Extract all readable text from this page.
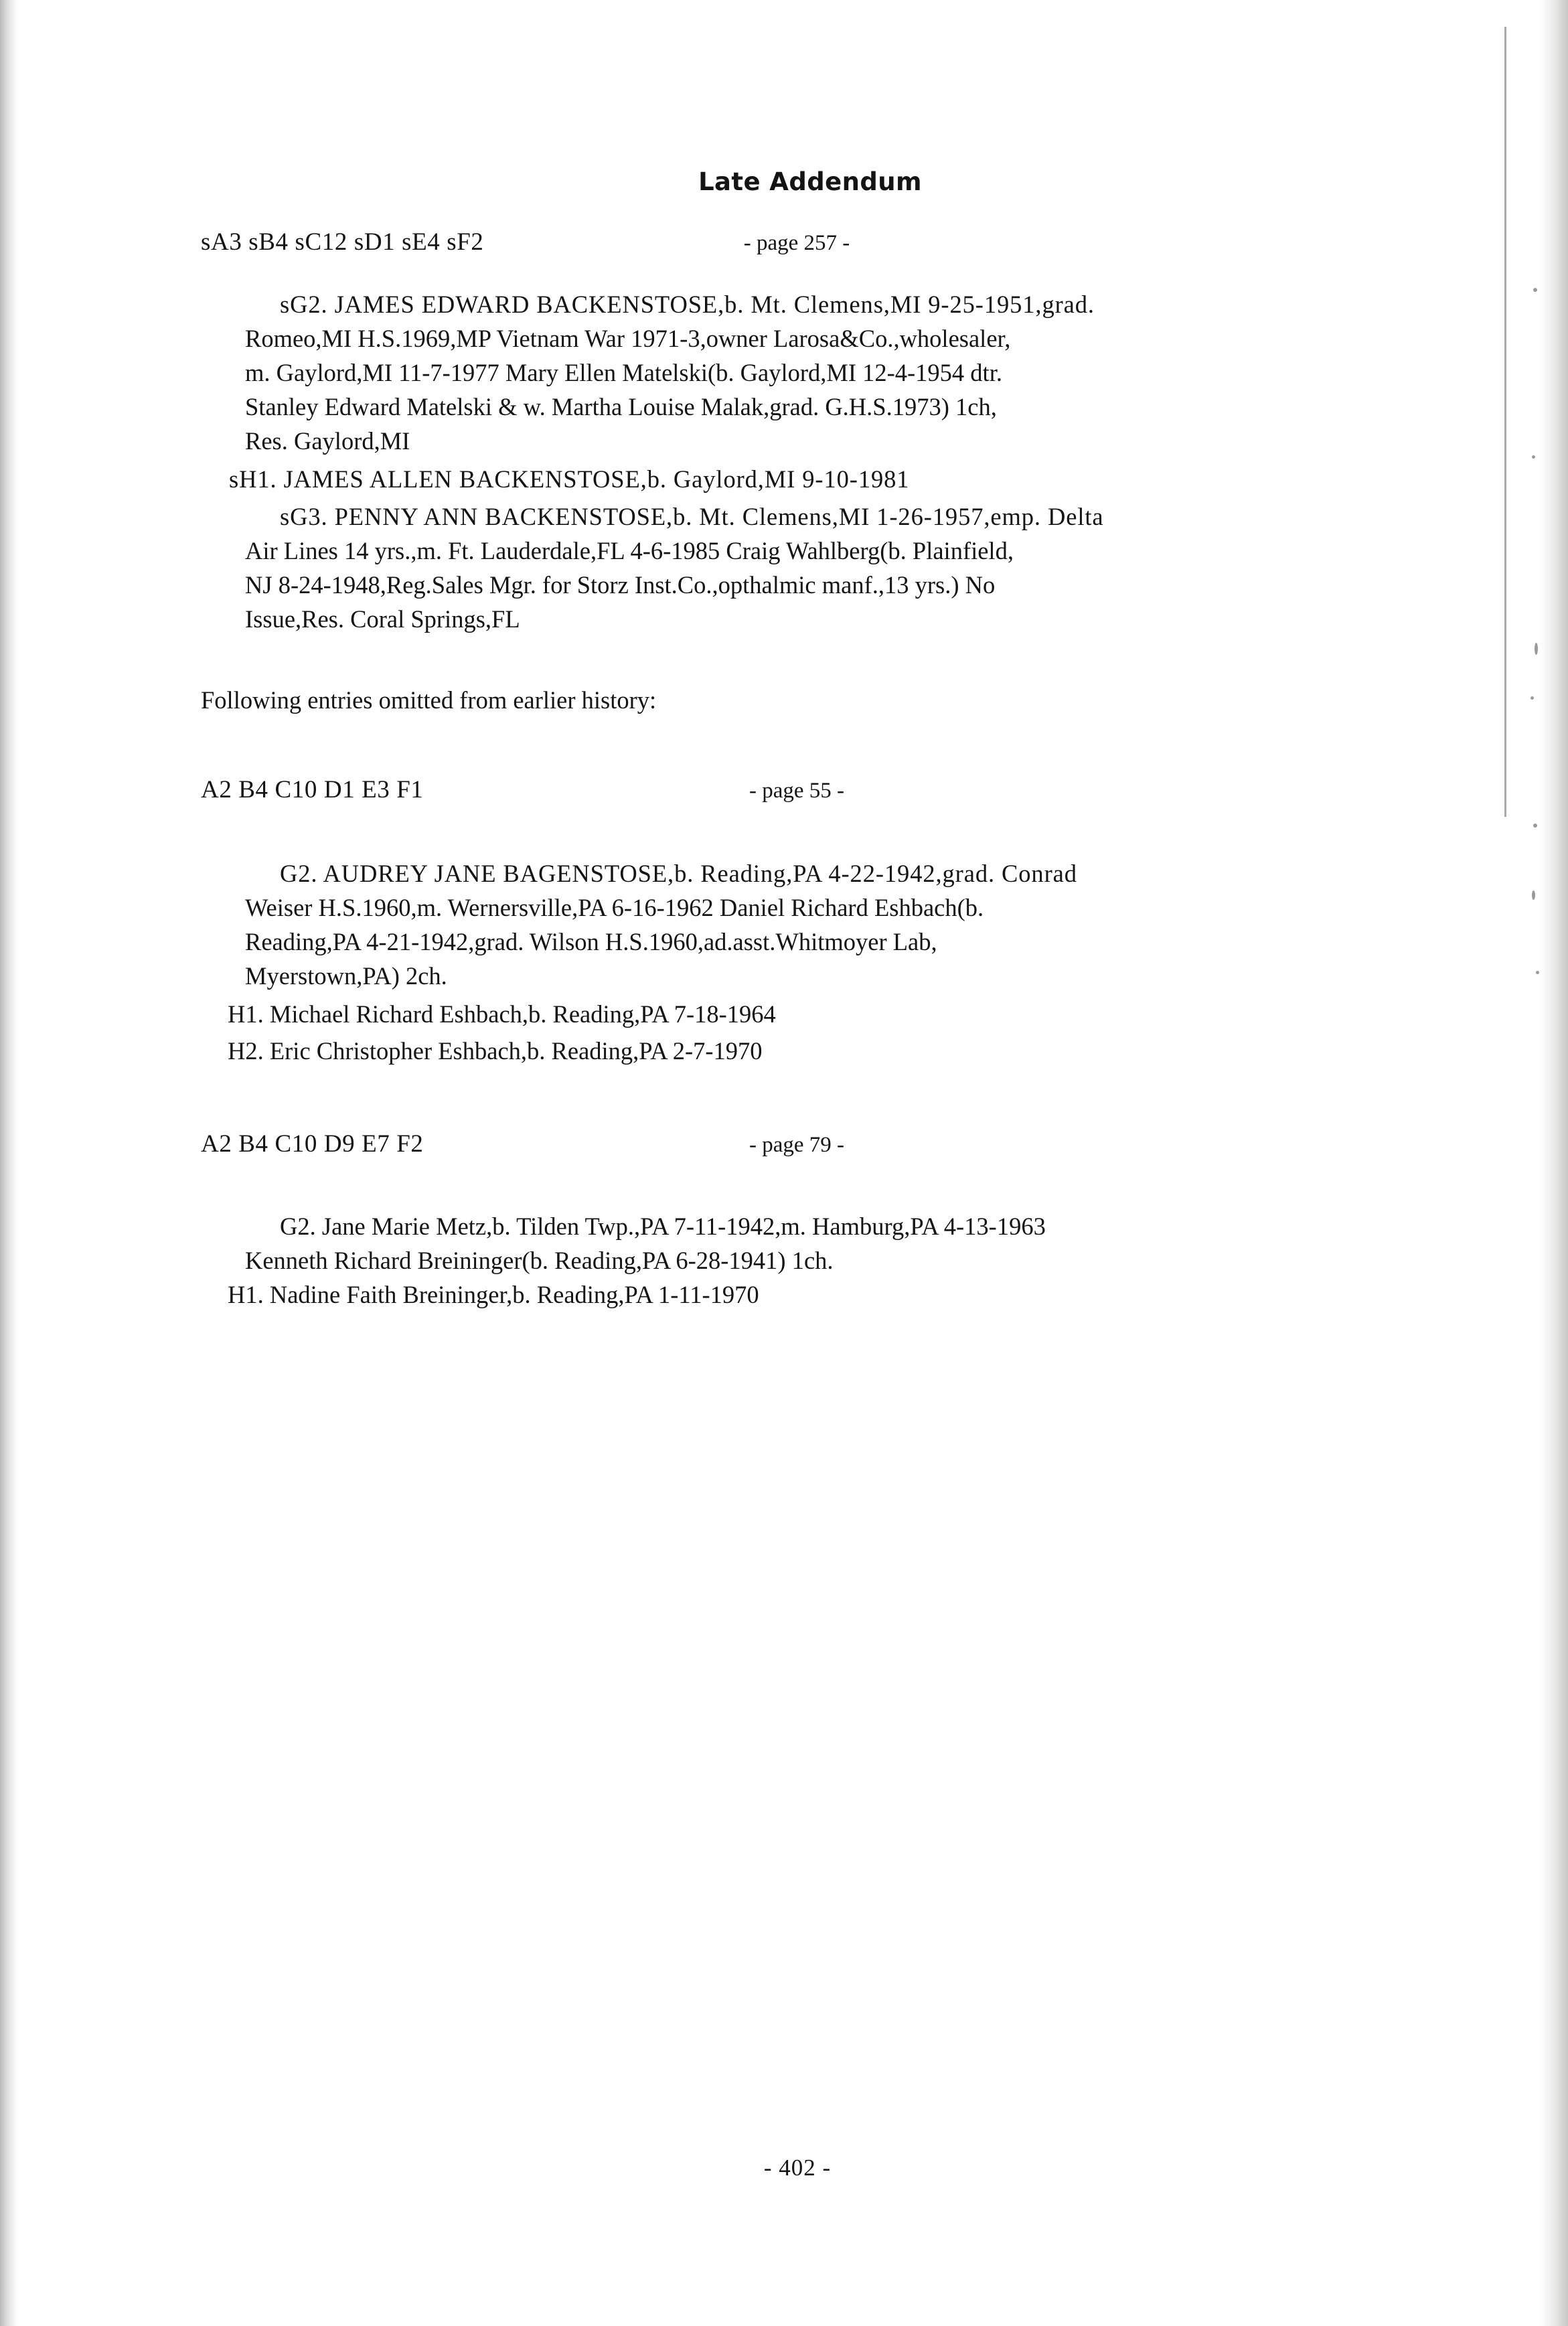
Late Addendum
- page 257 -
sA3 sB4 sC12 sD1 sE4 sF2

sG2. JAMES EDWARD BACKENSTOSE,b. Mt. Clemens,MI 9-25-1951,grad.

Romeo,MI H.S.1969,MP Vietnam War 1971-3,owner Larosa&Co.,wholesaler,

m. Gaylord,MI 11-7-1977 Mary Ellen Matelski(b. Gaylord,MI 12-4-1954 dtr.

Stanley Edward Matelski & w. Martha Louise Malak,grad. G.H.S.1973) 1ch,

Res. Gaylord,MI

sH1. JAMES ALLEN BACKENSTOSE,b. Gaylord,MI 9-10-1981

sG3. PENNY ANN BACKENSTOSE,b. Mt. Clemens,MI 1-26-1957,emp. Delta

Air Lines 14 yrs.,m. Ft. Lauderdale,FL 4-6-1985 Craig Wahlberg(b. Plainfield,

NJ 8-24-1948,Reg.Sales Mgr. for Storz Inst.Co.,opthalmic manf.,13 yrs.) No

Issue,Res. Coral Springs,FL

Following entries omitted from earlier history:
- page 55 -
A2 B4 C10 D1 E3 F1

G2. AUDREY JANE BAGENSTOSE,b. Reading,PA 4-22-1942,grad. Conrad

Weiser H.S.1960,m. Wernersville,PA 6-16-1962 Daniel Richard Eshbach(b.

Reading,PA 4-21-1942,grad. Wilson H.S.1960,ad.asst.Whitmoyer Lab,

Myerstown,PA) 2ch.

H1. Michael Richard Eshbach,b. Reading,PA 7-18-1964

H2. Eric Christopher Eshbach,b. Reading,PA 2-7-1970

- page 79 -
A2 B4 C10 D9 E7 F2

G2. Jane Marie Metz,b. Tilden Twp.,PA 7-11-1942,m. Hamburg,PA 4-13-1963

Kenneth Richard Breininger(b. Reading,PA 6-28-1941) 1ch.

H1. Nadine Faith Breininger,b. Reading,PA 1-11-1970

- 402 -
